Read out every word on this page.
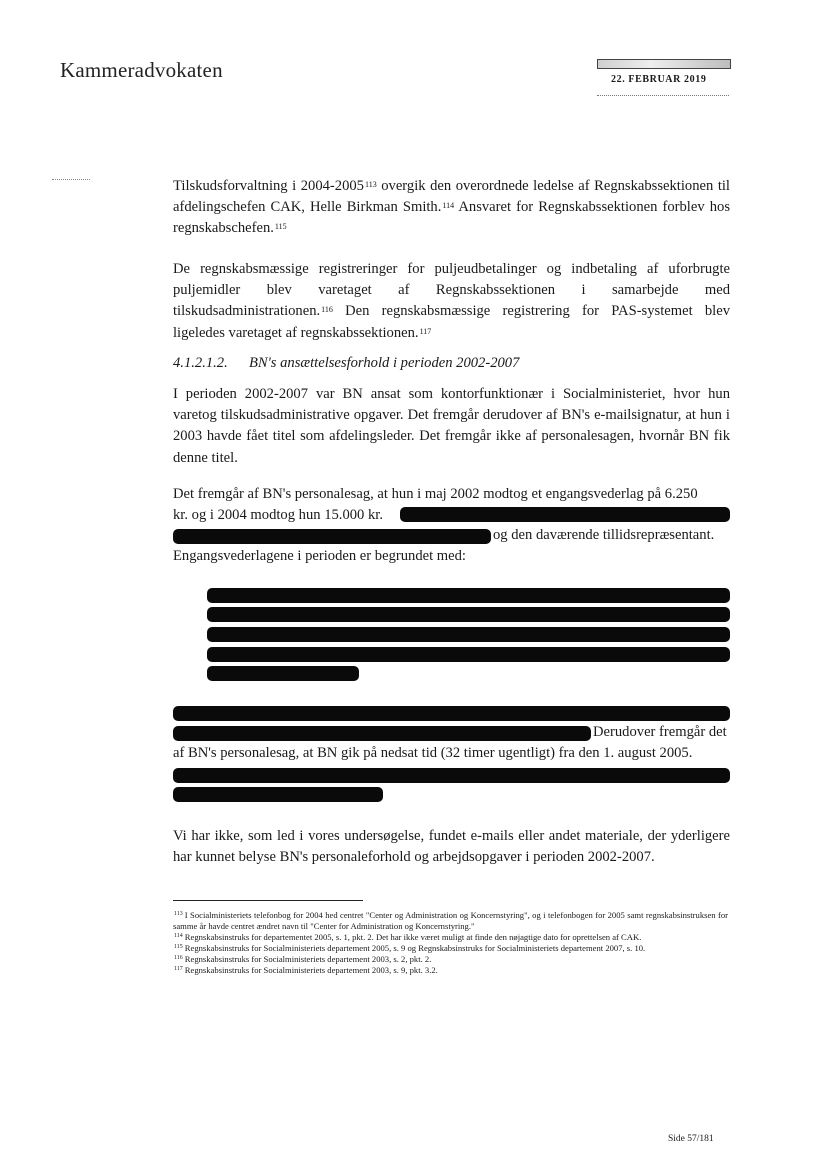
Kammeradvokaten	22. FEBRUAR 2019

Tilskudsforvaltning i 2004-2005$^{113}$ overgik den overordnede ledelse af Regnskabssektionen til afdelingschefen CAK, Helle Birkman Smith.$^{114}$ Ansvaret for Regnskabssektionen forblev hos regnskabschefen.$^{115}$

De regnskabsmæssige registreringer for puljeudbetalinger og indbetaling af uforbrugte puljemidler blev varetaget af Regnskabssektionen i samarbejde med tilskudsadministrationen.$^{116}$ Den regnskabsmæssige registrering for PAS-systemet blev ligeledes varetaget af regnskabssektionen.$^{117}$

4.1.2.1.2. BN's ansættelsesforhold i perioden 2002-2007

I perioden 2002-2007 var BN ansat som kontorfunktionær i Socialministeriet, hvor hun varetog tilskudsadministrative opgaver. Det fremgår derudover af BN's e-mailsignatur, at hun i 2003 havde fået titel som afdelingsleder. Det fremgår ikke af personalesagen, hvornår BN fik denne titel.

Det fremgår af BN's personalesag, at hun i maj 2002 modtog et engangsvederlag på 6.250
kr. og i 2004 modtog hun 15.000 kr.
og den daværende tillidsrepræsentant.
Engangsvederlagene i perioden er begrundet med:
Derudover fremgår det
af BN's personalesag, at BN gik på nedsat tid (32 timer ugentligt) fra den 1. august 2005.

Vi har ikke, som led i vores undersøgelse, fundet e-mails eller andet materiale, der yderligere har kunnet belyse BN's personaleforhold og arbejdsopgaver i perioden 2002-2007.

$^{113}$ I Socialministeriets telefonbog for 2004 hed centret "Center og Administration og Koncernstyring", og i telefonbogen for 2005 samt regnskabsinstruksen for samme år havde centret ændret navn til "Center for Administration og Koncernstyring."
$^{114}$ Regnskabsinstruks for departementet 2005, s. 1, pkt. 2. Det har ikke været muligt at finde den nøjagtige dato for oprettelsen af CAK.
$^{115}$ Regnskabsinstruks for Socialministeriets departement 2005, s. 9 og Regnskabsinstruks for Socialministeriets departement 2007, s. 10.
$^{116}$ Regnskabsinstruks for Socialministeriets departement 2003, s. 2, pkt. 2.
$^{117}$ Regnskabsinstruks for Socialministeriets departement 2003, s. 9, pkt. 3.2.
Side 57/181
